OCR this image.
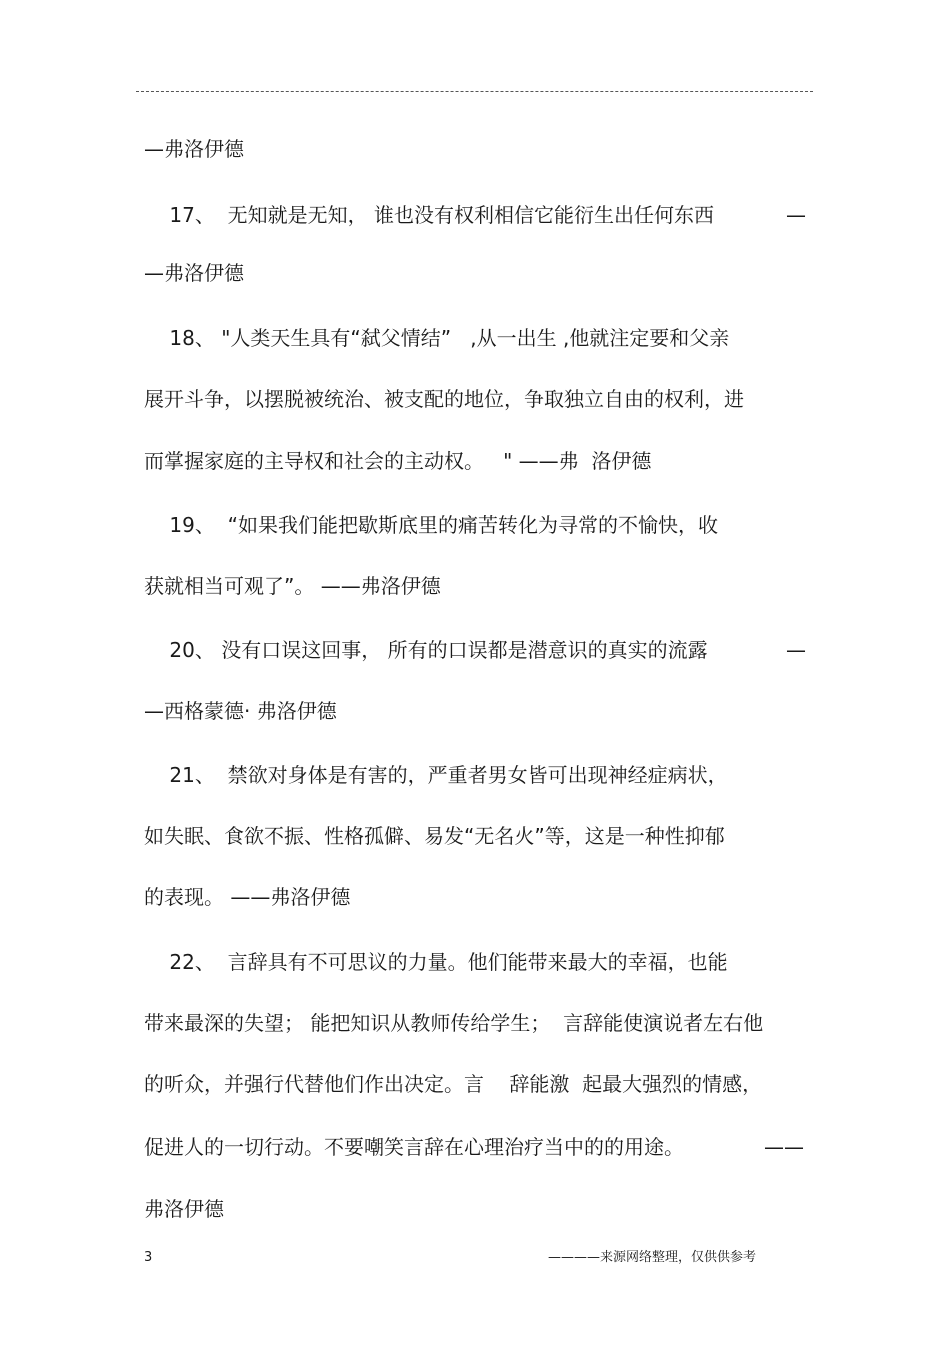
—弗洛伊德
17、  无知就是无知， 谁也没有权利相信它能衍生出任何东西	—
—弗洛伊德
18、 "人类天生具有“弑父情结”   ,从一出生 ,他就注定要和父亲
展开斗争，以摆脱被统治、被支配的地位，争取独立自由的权利，进
而掌握家庭的主导权和社会的主动权。   " ——弗  洛伊德
19、  “如果我们能把歇斯底里的痛苦转化为寻常的不愉快，收
获就相当可观了”。 ——弗洛伊德
20、 没有口误这回事， 所有的口误都是潜意识的真实的流露	—
—西格蒙德· 弗洛伊德
21、  禁欲对身体是有害的，严重者男女皆可出现神经症病状，
如失眠、食欲不振、性格孤僻、易发“无名火”等，这是一种性抑郁
的表现。 ——弗洛伊德
22、  言辞具有不可思议的力量。他们能带来最大的幸福，也能
带来最深的失望； 能把知识从教师传给学生；  言辞能使演说者左右他
的听众，并强行代替他们作出决定。言    辞能激  起最大强烈的情感，
促进人的一切行动。不要嘲笑言辞在心理治疗当中的的用途。	——
弗洛伊德
3	————来源网络整理，仅供供参考
